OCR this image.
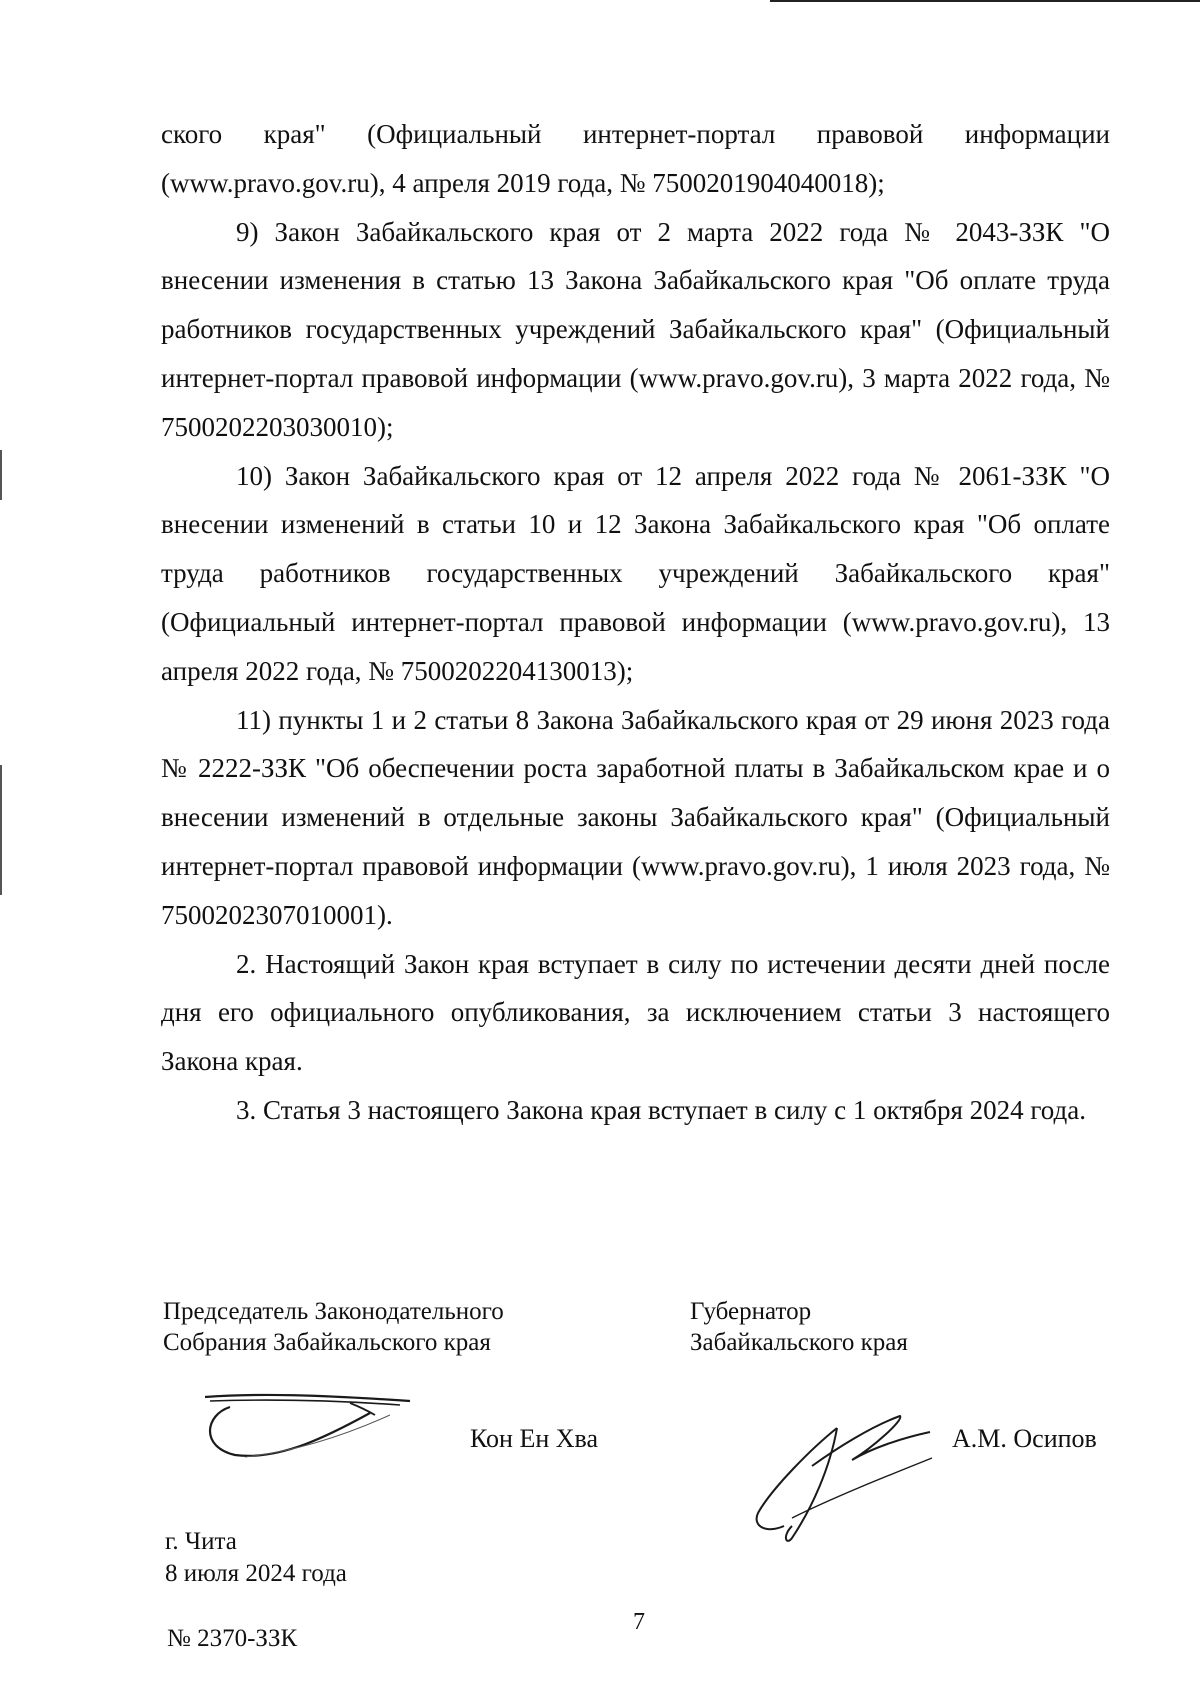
ского края" (Официальный интернет-портал правовой информации (www.pravo.gov.ru), 4 апреля 2019 года, № 7500201904040018);

9) Закон Забайкальского края от 2 марта 2022 года № 2043-ЗЗК "О внесении изменения в статью 13 Закона Забайкальского края "Об оплате труда работников государственных учреждений Забайкальского края" (Официальный интернет-портал правовой информации (www.pravo.gov.ru), 3 марта 2022 года, № 7500202203030010);

10) Закон Забайкальского края от 12 апреля 2022 года № 2061-ЗЗК "О внесении изменений в статьи 10 и 12 Закона Забайкальского края "Об оплате труда работников государственных учреждений Забайкальского края" (Официальный интернет-портал правовой информации (www.pravo.gov.ru), 13 апреля 2022 года, № 7500202204130013);

11) пункты 1 и 2 статьи 8 Закона Забайкальского края от 29 июня 2023 года № 2222-ЗЗК "Об обеспечении роста заработной платы в Забайкальском крае и о внесении изменений в отдельные законы Забайкальского края" (Официальный интернет-портал правовой информации (www.pravo.gov.ru), 1 июля 2023 года, № 7500202307010001).

2. Настоящий Закон края вступает в силу по истечении десяти дней после дня его официального опубликования, за исключением статьи 3 настоящего Закона края.

3. Статья 3 настоящего Закона края вступает в силу с 1 октября 2024 года.

Председатель Законодательного
Собрания Забайкальского края
Кон Ен Хва
Губернатор
Забайкальского края
А.М. Осипов
г. Чита
8 июля 2024 года
7
№ 2370-ЗЗК
